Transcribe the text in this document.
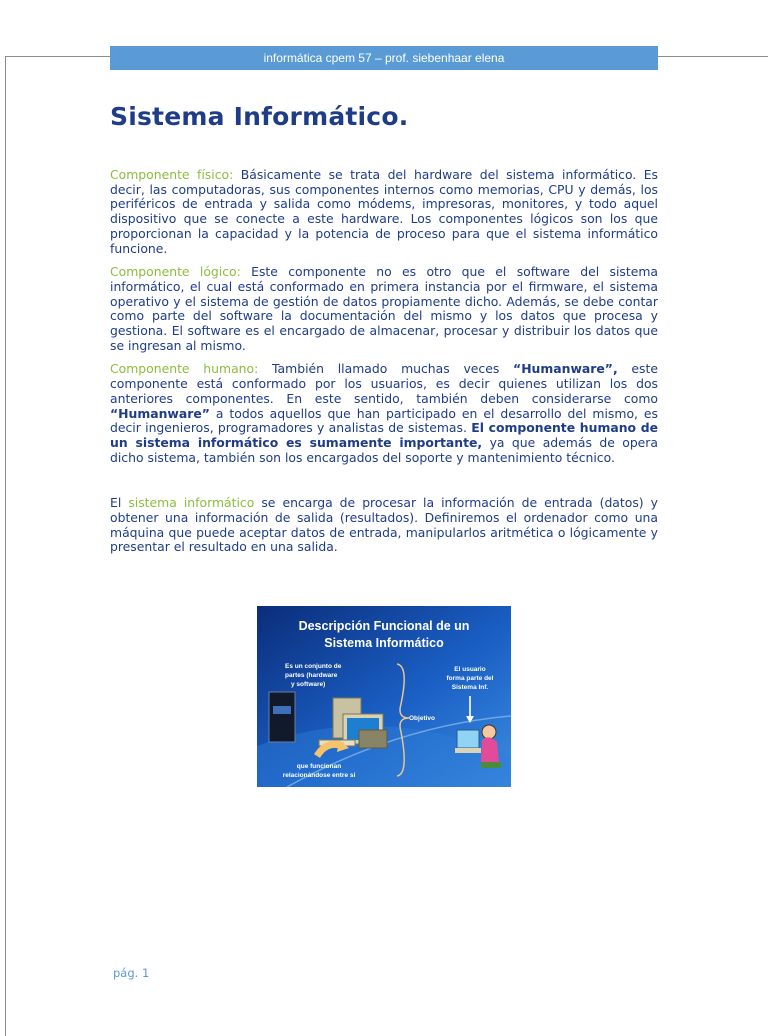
informática cpem 57 – prof. siebenhaar elena
Sistema Informático.

Componente físico: Básicamente se trata del hardware del sistema informático. Es decir, las computadoras, sus componentes internos como memorias, CPU y demás, los periféricos de entrada y salida como módems, impresoras, monitores, y todo aquel dispositivo que se conecte a este hardware. Los componentes lógicos son los que proporcionan la capacidad y la potencia de proceso para que el sistema informático funcione.

Componente lógico: Este componente no es otro que el software del sistema informático, el cual está conformado en primera instancia por el firmware, el sistema operativo y el sistema de gestión de datos propiamente dicho. Además, se debe contar como parte del software la documentación del mismo y los datos que procesa y gestiona. El software es el encargado de almacenar, procesar y distribuir los datos que se ingresan al mismo.

Componente humano: También llamado muchas veces “Humanware”, este componente está conformado por los usuarios, es decir quienes utilizan los dos anteriores componentes. En este sentido, también deben considerarse como “Humanware” a todos aquellos que han participado en el desarrollo del mismo, es decir ingenieros, programadores y analistas de sistemas. El componente humano de un sistema informático es sumamente importante, ya que además de opera dicho sistema, también son los encargados del soporte y mantenimiento técnico.

El sistema informático se encarga de procesar la información de entrada (datos) y obtener una información de salida (resultados). Definiremos el ordenador como una máquina que puede aceptar datos de entrada, manipularlos aritmética o lógicamente y presentar el resultado en una salida.

Descripción Funcional de un
Sistema Informático
Es un conjunto de
partes (hardware
y software)
Objetivo
El usuario
forma parte del
Sistema Inf.
que funcionan
relacionándose entre sí
pág. 1
